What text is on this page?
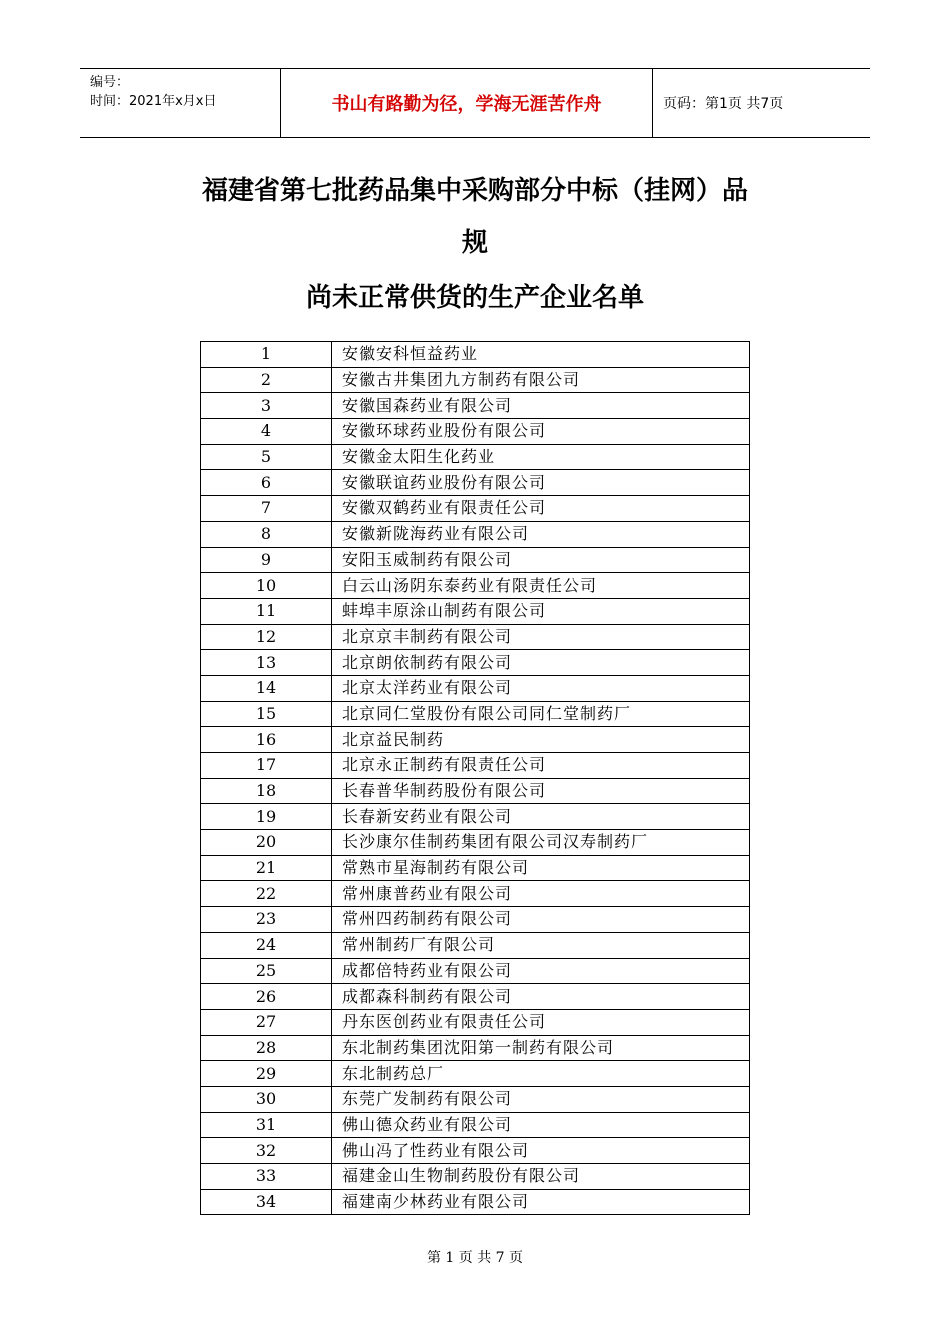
编号：
时间：2021年x月x日	书山有路勤为径，学海无涯苦作舟	页码：第1页 共7页
福建省第七批药品集中采购部分中标（挂网）品
规
尚未正常供货的生产企业名单
1	安徽安科恒益药业
2	安徽古井集团九方制药有限公司
3	安徽国森药业有限公司
4	安徽环球药业股份有限公司
5	安徽金太阳生化药业
6	安徽联谊药业股份有限公司
7	安徽双鹤药业有限责任公司
8	安徽新陇海药业有限公司
9	安阳玉威制药有限公司
10	白云山汤阴东泰药业有限责任公司
11	蚌埠丰原涂山制药有限公司
12	北京京丰制药有限公司
13	北京朗依制药有限公司
14	北京太洋药业有限公司
15	北京同仁堂股份有限公司同仁堂制药厂
16	北京益民制药
17	北京永正制药有限责任公司
18	长春普华制药股份有限公司
19	长春新安药业有限公司
20	长沙康尔佳制药集团有限公司汉寿制药厂
21	常熟市星海制药有限公司
22	常州康普药业有限公司
23	常州四药制药有限公司
24	常州制药厂有限公司
25	成都倍特药业有限公司
26	成都森科制药有限公司
27	丹东医创药业有限责任公司
28	东北制药集团沈阳第一制药有限公司
29	东北制药总厂
30	东莞广发制药有限公司
31	佛山德众药业有限公司
32	佛山冯了性药业有限公司
33	福建金山生物制药股份有限公司
34	福建南少林药业有限公司
第 1 页 共 7 页
